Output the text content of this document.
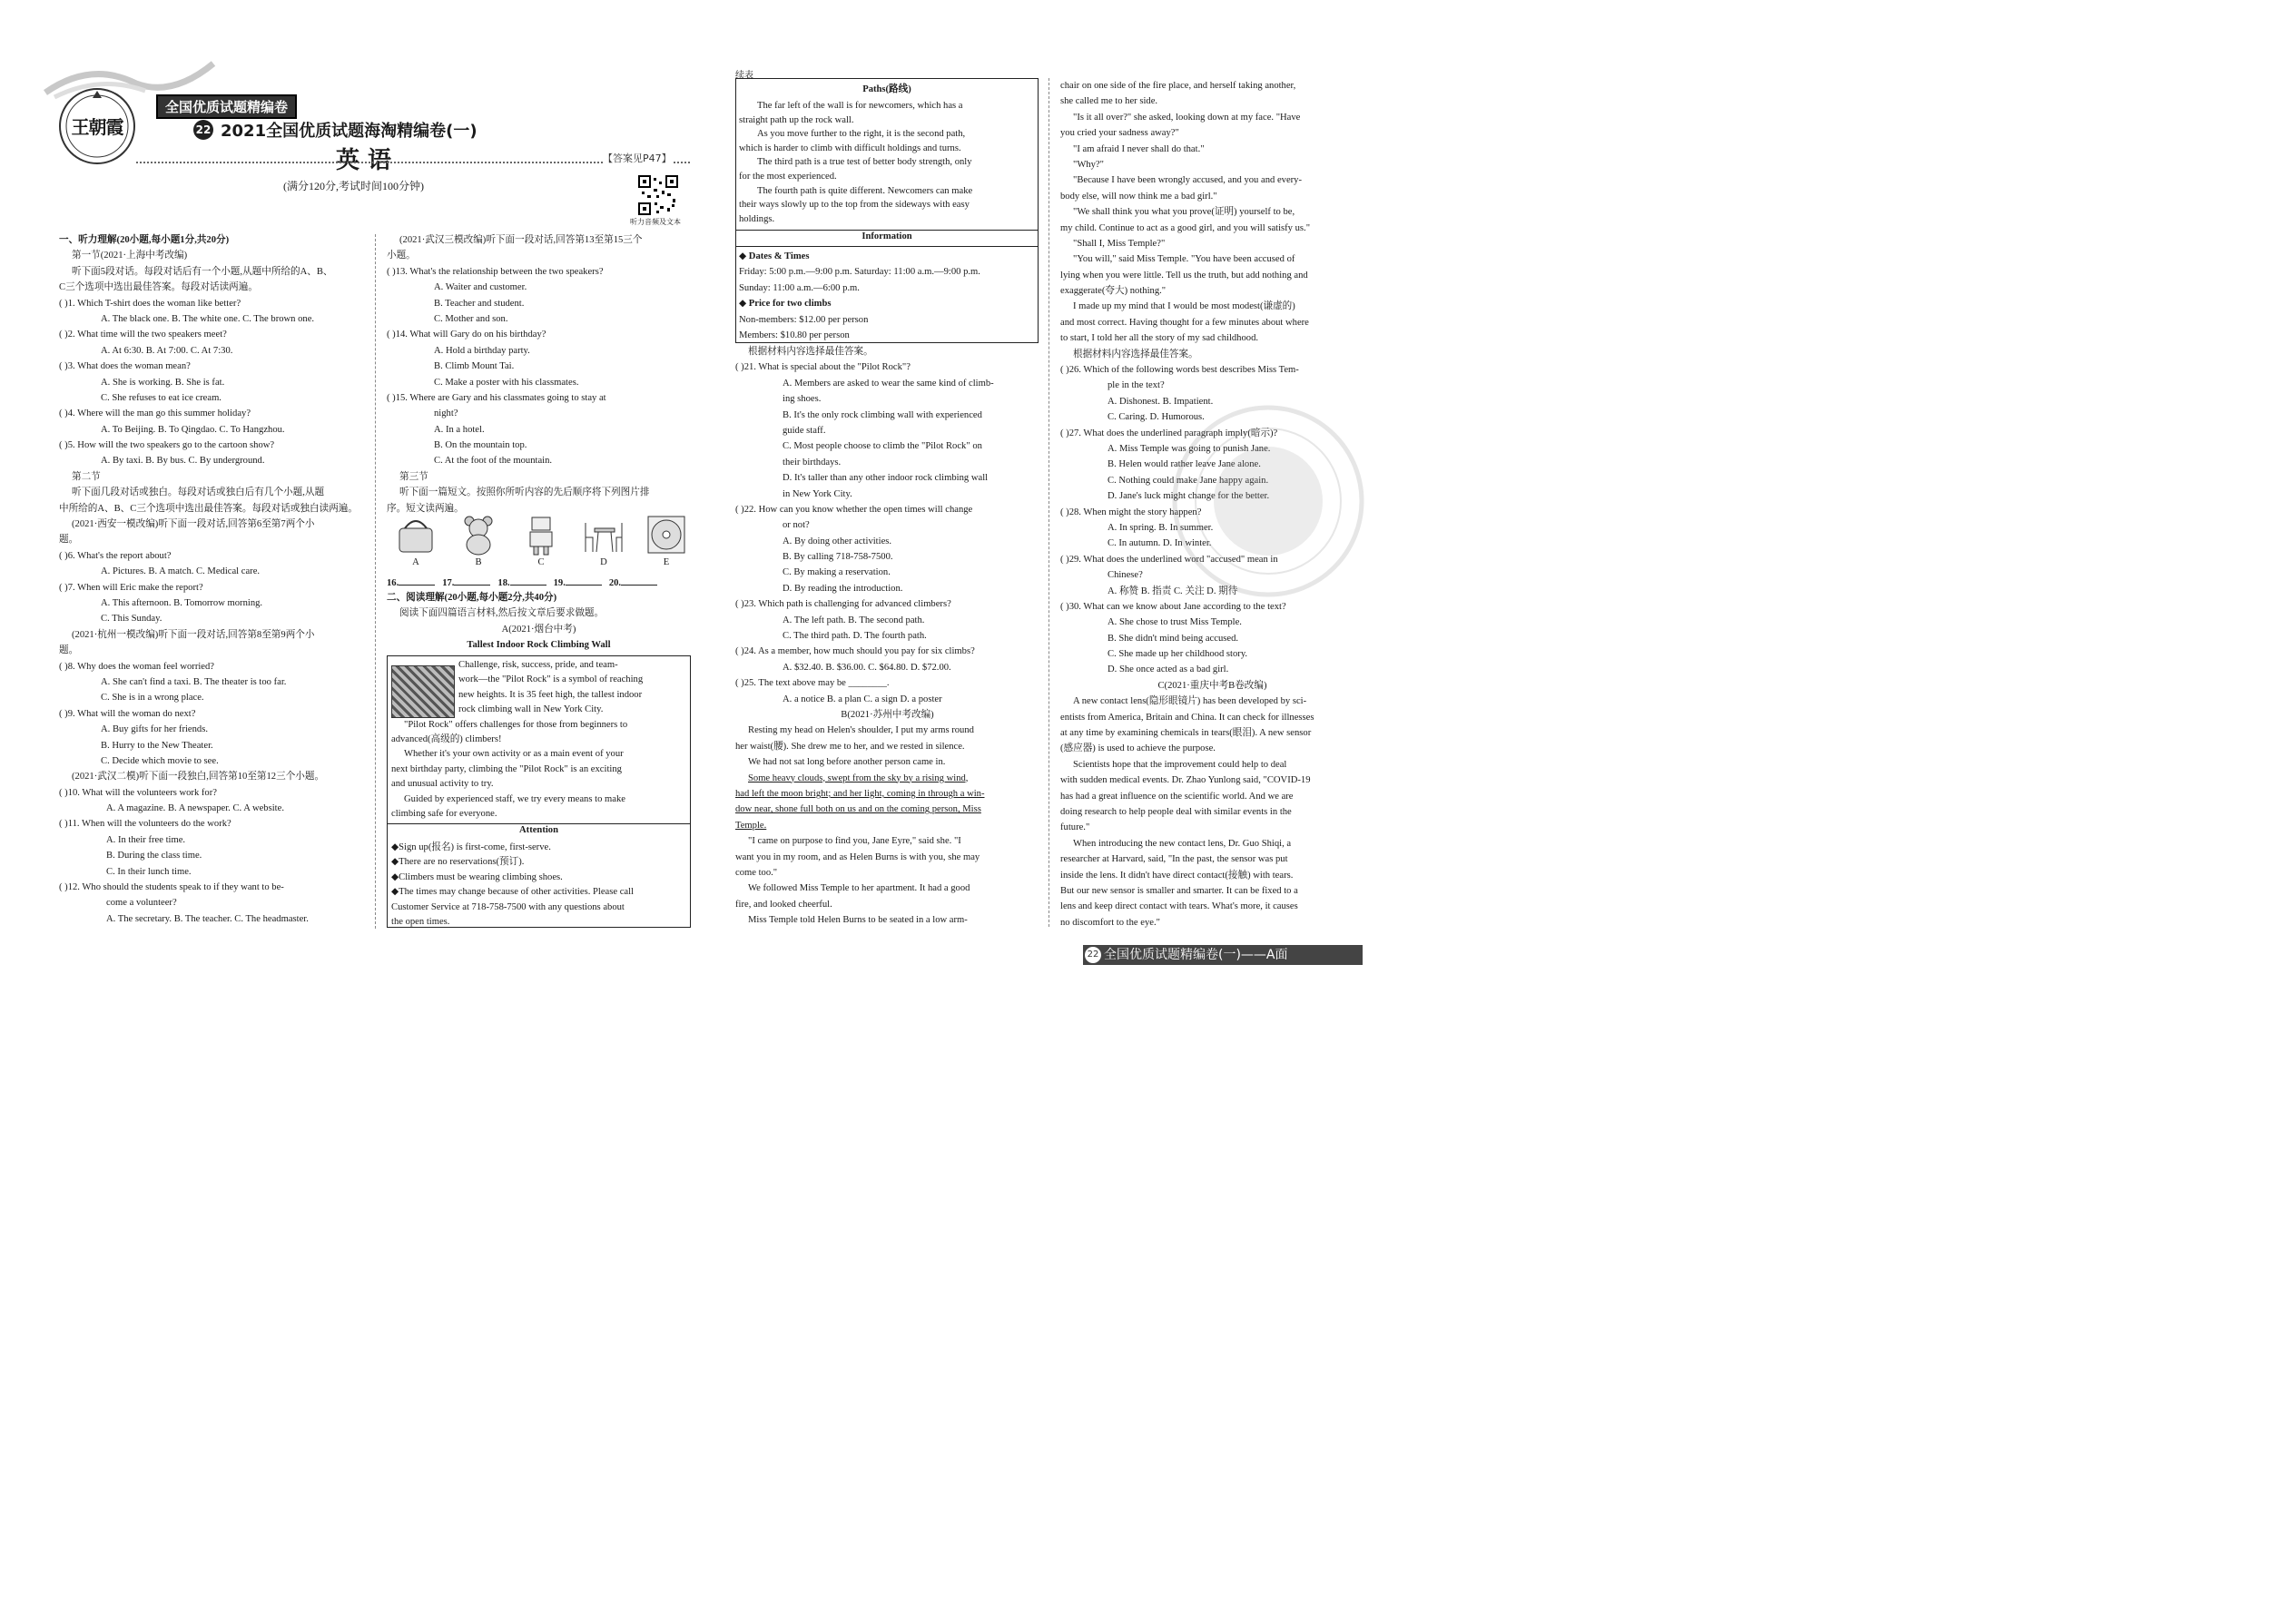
王朝霞
全国优质试题精编卷
22 2021全国优质试题海淘精编卷(一)
英 语	【答案见P47】
(满分120分,考试时间100分钟)
听力音频及文本
一、听力理解(20小题,每小题1分,共20分)
第一节(2021·上海中考改编)
听下面5段对话。每段对话后有一个小题,从题中所给的A、B、
C三个选项中选出最佳答案。每段对话读两遍。
( )1. Which T-shirt does the woman like better?
A. The black one. B. The white one. C. The brown one.
( )2. What time will the two speakers meet?
A. At 6:30. B. At 7:00. C. At 7:30.
( )3. What does the woman mean?
A. She is working. B. She is fat.
C. She refuses to eat ice cream.
( )4. Where will the man go this summer holiday?
A. To Beijing. B. To Qingdao. C. To Hangzhou.
( )5. How will the two speakers go to the cartoon show?
A. By taxi. B. By bus. C. By underground.
第二节
听下面几段对话或独白。每段对话或独白后有几个小题,从题
中所给的A、B、C三个选项中选出最佳答案。每段对话或独白读两遍。
(2021·西安一模改编)听下面一段对话,回答第6至第7两个小
题。
( )6. What's the report about?
A. Pictures. B. A match. C. Medical care.
( )7. When will Eric make the report?
A. This afternoon. B. Tomorrow morning.
C. This Sunday.
(2021·杭州一模改编)听下面一段对话,回答第8至第9两个小
题。
( )8. Why does the woman feel worried?
A. She can't find a taxi. B. The theater is too far.
C. She is in a wrong place.
( )9. What will the woman do next?
A. Buy gifts for her friends.
B. Hurry to the New Theater.
C. Decide which movie to see.
(2021·武汉二模)听下面一段独白,回答第10至第12三个小题。
( )10. What will the volunteers work for?
A. A magazine. B. A newspaper. C. A website.
( )11. When will the volunteers do the work?
A. In their free time.
B. During the class time.
C. In their lunch time.
( )12. Who should the students speak to if they want to be-
come a volunteer?
A. The secretary. B. The teacher. C. The headmaster.
(2021·武汉三模改编)听下面一段对话,回答第13至第15三个
小题。
( )13. What's the relationship between the two speakers?
A. Waiter and customer.
B. Teacher and student.
C. Mother and son.
( )14. What will Gary do on his birthday?
A. Hold a birthday party.
B. Climb Mount Tai.
C. Make a poster with his classmates.
( )15. Where are Gary and his classmates going to stay at
night?
A. In a hotel.
B. On the mountain top.
C. At the foot of the mountain.
第三节
听下面一篇短文。按照你所听内容的先后顺序将下列图片排
序。短文读两遍。
A	B	C	D	E
16.	17.	18.	19.	20.
二、阅读理解(20小题,每小题2分,共40分)
阅读下面四篇语言材料,然后按文章后要求做题。
A(2021·烟台中考)
Tallest Indoor Rock Climbing Wall
Challenge, risk, success, pride, and team-
work—the "Pilot Rock" is a symbol of reaching
new heights. It is 35 feet high, the tallest indoor
rock climbing wall in New York City.
"Pilot Rock" offers challenges for those from beginners to
advanced(高级的) climbers!
Whether it's your own activity or as a main event of your
next birthday party, climbing the "Pilot Rock" is an exciting
and unusual activity to try.
Guided by experienced staff, we try every means to make
climbing safe for everyone.
Attention
◆Sign up(报名) is first-come, first-serve.
◆There are no reservations(预订).
◆Climbers must be wearing climbing shoes.
◆The times may change because of other activities. Please call
Customer Service at 718-758-7500 with any questions about
the open times.
续表
Paths(路线)
The far left of the wall is for newcomers, which has a
straight path up the rock wall.
As you move further to the right, it is the second path,
which is harder to climb with difficult holdings and turns.
The third path is a true test of better body strength, only
for the most experienced.
The fourth path is quite different. Newcomers can make
their ways slowly up to the top from the sideways with easy
holdings.
Information
◆ Dates & Times
Friday: 5:00 p.m.—9:00 p.m. Saturday: 11:00 a.m.—9:00 p.m.
Sunday: 11:00 a.m.—6:00 p.m.
◆ Price for two climbs
Non-members: $12.00 per person
Members: $10.80 per person
根据材料内容选择最佳答案。
( )21. What is special about the "Pilot Rock"?
A. Members are asked to wear the same kind of climb-
ing shoes.
B. It's the only rock climbing wall with experienced
guide staff.
C. Most people choose to climb the "Pilot Rock" on
their birthdays.
D. It's taller than any other indoor rock climbing wall
in New York City.
( )22. How can you know whether the open times will change
or not?
A. By doing other activities.
B. By calling 718-758-7500.
C. By making a reservation.
D. By reading the introduction.
( )23. Which path is challenging for advanced climbers?
A. The left path. B. The second path.
C. The third path. D. The fourth path.
( )24. As a member, how much should you pay for six climbs?
A. $32.40. B. $36.00. C. $64.80. D. $72.00.
( )25. The text above may be ________.
A. a notice B. a plan C. a sign D. a poster
B(2021·苏州中考改编)
Resting my head on Helen's shoulder, I put my arms round
her waist(腰). She drew me to her, and we rested in silence.
We had not sat long before another person came in.
Some heavy clouds, swept from the sky by a rising wind,
had left the moon bright; and her light, coming in through a win-
dow near, shone full both on us and on the coming person, Miss
Temple.
"I came on purpose to find you, Jane Eyre," said she. "I
want you in my room, and as Helen Burns is with you, she may
come too."
We followed Miss Temple to her apartment. It had a good
fire, and looked cheerful.
Miss Temple told Helen Burns to be seated in a low arm-
chair on one side of the fire place, and herself taking another,
she called me to her side.
"Is it all over?" she asked, looking down at my face. "Have
you cried your sadness away?"
"I am afraid I never shall do that."
"Why?"
"Because I have been wrongly accused, and you and every-
body else, will now think me a bad girl."
"We shall think you what you prove(证明) yourself to be,
my child. Continue to act as a good girl, and you will satisfy us."
"Shall I, Miss Temple?"
"You will," said Miss Temple. "You have been accused of
lying when you were little. Tell us the truth, but add nothing and
exaggerate(夸大) nothing."
I made up my mind that I would be most modest(谦虚的)
and most correct. Having thought for a few minutes about where
to start, I told her all the story of my sad childhood.
根据材料内容选择最佳答案。
( )26. Which of the following words best describes Miss Tem-
ple in the text?
A. Dishonest. B. Impatient.
C. Caring. D. Humorous.
( )27. What does the underlined paragraph imply(暗示)?
A. Miss Temple was going to punish Jane.
B. Helen would rather leave Jane alone.
C. Nothing could make Jane happy again.
D. Jane's luck might change for the better.
( )28. When might the story happen?
A. In spring. B. In summer.
C. In autumn. D. In winter.
( )29. What does the underlined word "accused" mean in
Chinese?
A. 称赞 B. 指责 C. 关注 D. 期待
( )30. What can we know about Jane according to the text?
A. She chose to trust Miss Temple.
B. She didn't mind being accused.
C. She made up her childhood story.
D. She once acted as a bad girl.
C(2021·重庆中考B卷改编)
A new contact lens(隐形眼镜片) has been developed by sci-
entists from America, Britain and China. It can check for illnesses
at any time by examining chemicals in tears(眼泪). A new sensor
(感应器) is used to achieve the purpose.
Scientists hope that the improvement could help to deal
with sudden medical events. Dr. Zhao Yunlong said, "COVID-19
has had a great influence on the scientific world. And we are
doing research to help people deal with similar events in the
future."
When introducing the new contact lens, Dr. Guo Shiqi, a
researcher at Harvard, said, "In the past, the sensor was put
inside the lens. It didn't have direct contact(接触) with tears.
But our new sensor is smaller and smarter. It can be fixed to a
lens and keep direct contact with tears. What's more, it causes
no discomfort to the eye."
22 全国优质试题精编卷(一)——A面
